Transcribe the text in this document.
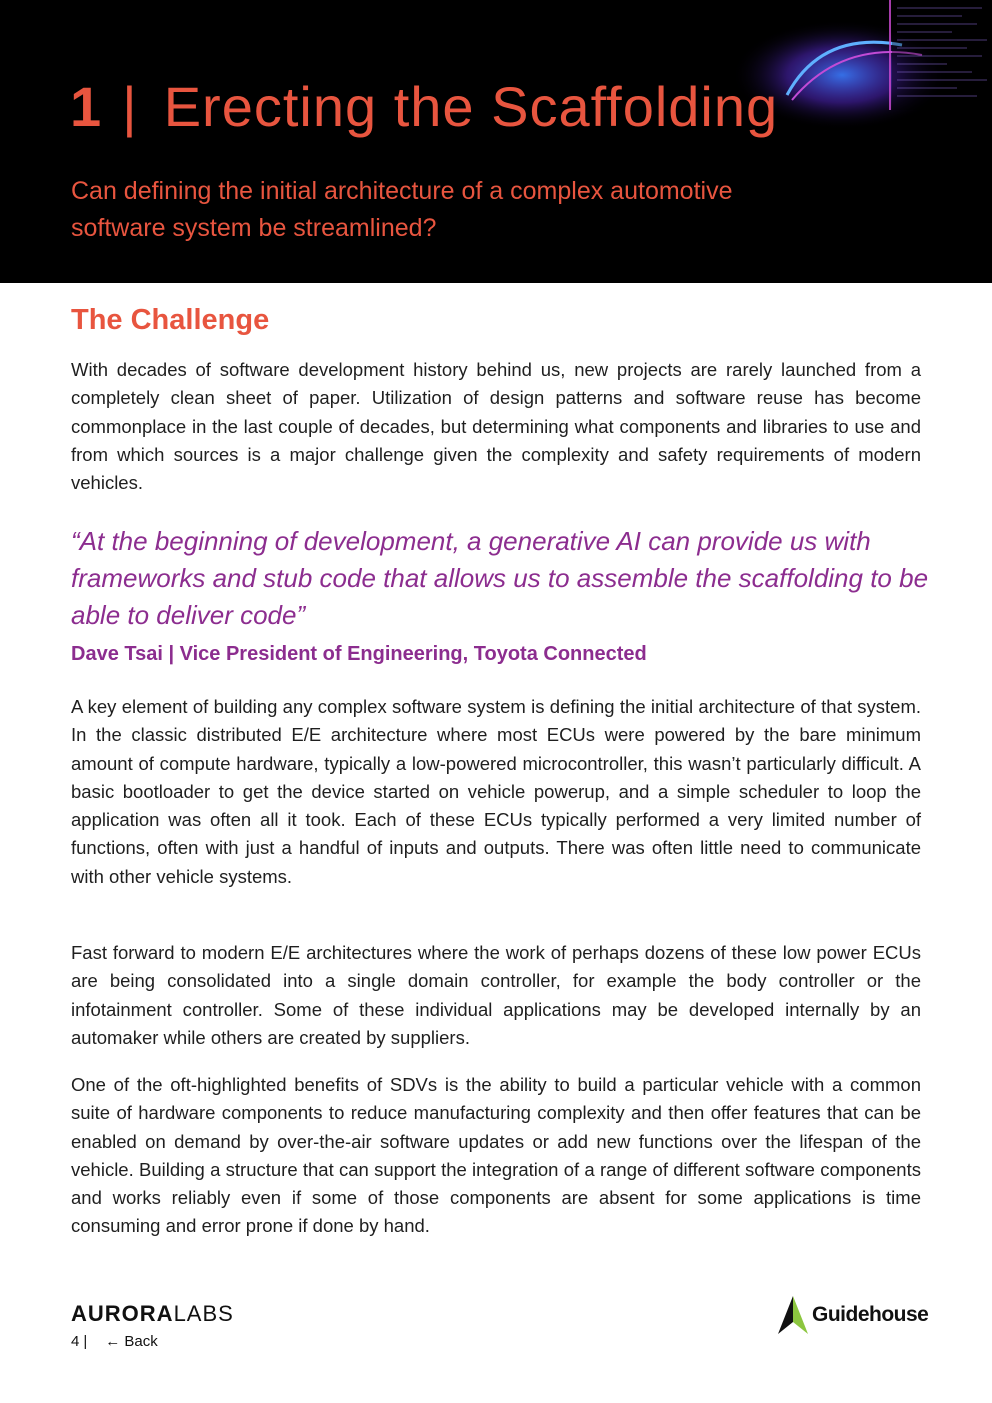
1 | Erecting the Scaffolding
Can defining the initial architecture of a complex automotive software system be streamlined?
The Challenge

With decades of software development history behind us, new projects are rarely launched from a completely clean sheet of paper. Utilization of design patterns and software reuse has become commonplace in the last couple of decades, but determining what components and libraries to use and from which sources is a major challenge given the complexity and safety requirements of modern vehicles.

“At the beginning of development, a generative AI can provide us with frameworks and stub code that allows us to assemble the scaffolding to be able to deliver code”

Dave Tsai | Vice President of Engineering, Toyota Connected

A key element of building any complex software system is defining the initial architecture of that system. In the classic distributed E/E architecture where most ECUs were powered by the bare minimum amount of compute hardware, typically a low-powered microcontroller, this wasn’t particularly difficult. A basic bootloader to get the device started on vehicle powerup, and a simple scheduler to loop the application was often all it took. Each of these ECUs typically performed a very limited number of functions, often with just a handful of inputs and outputs. There was often little need to communicate with other vehicle systems.

Fast forward to modern E/E architectures where the work of perhaps dozens of these low power ECUs are being consolidated into a single domain controller, for example the body controller or the infotainment controller. Some of these individual applications may be developed internally by an automaker while others are created by suppliers.

One of the oft-highlighted benefits of SDVs is the ability to build a particular vehicle with a common suite of hardware components to reduce manufacturing complexity and then offer features that can be enabled on demand by over-the-air software updates or add new functions over the lifespan of the vehicle. Building a structure that can support the integration of a range of different software components and works reliably even if some of those components are absent for some applications is time consuming and error prone if done by hand.

AURORALABS
4 | ← Back
Guidehouse
